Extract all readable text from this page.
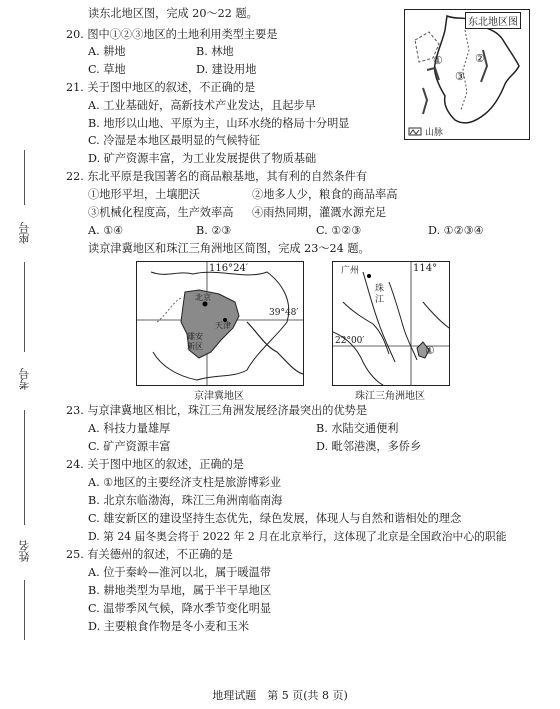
座号
考号
姓名
读东北地区图，完成 20～22 题。
20. 图中①②③地区的土地利用类型主要是
A. 耕地	B. 林地
C. 草地	D. 建设用地
21. 关于图中地区的叙述，不正确的是
A. 工业基础好，高新技术产业发达，且起步早
B. 地形以山地、平原为主，山环水绕的格局十分明显
C. 冷湿是本地区最明显的气候特征
D. 矿产资源丰富，为工业发展提供了物质基础
22. 东北平原是我国著名的商品粮基地，其有利的自然条件有
①地形平坦，土壤肥沃	②地多人少，粮食的商品率高
③机械化程度高，生产效率高 ④雨热同期，灌溉水源充足
A. ①④	B. ②③	C. ①②③	D. ①②③④
读京津冀地区和珠江三角洲地区简图，完成 23～24 题。
东北地区图
①	②
③
山脉
116°24′
39°48′
北京
天津
雄安新区
京津冀地区
广州	114°
22°00′
珠江
①
珠江三角洲地区
23. 与京津冀地区相比，珠江三角洲发展经济最突出的优势是
A. 科技力量雄厚	B. 水陆交通便利
C. 矿产资源丰富	D. 毗邻港澳，多侨乡
24. 关于图中地区的叙述，正确的是
A. ①地区的主要经济支柱是旅游博彩业
B. 北京东临渤海，珠江三角洲南临南海
C. 雄安新区的建设坚持生态优先，绿色发展，体现人与自然和谐相处的理念
D. 第 24 届冬奥会将于 2022 年 2 月在北京举行，这体现了北京是全国政治中心的职能
25. 有关德州的叙述，不正确的是
A. 位于秦岭—淮河以北，属于暖温带
B. 耕地类型为旱地，属于半干旱地区
C. 温带季风气候，降水季节变化明显
D. 主要粮食作物是冬小麦和玉米
地理试题　第 5 页(共 8 页)
